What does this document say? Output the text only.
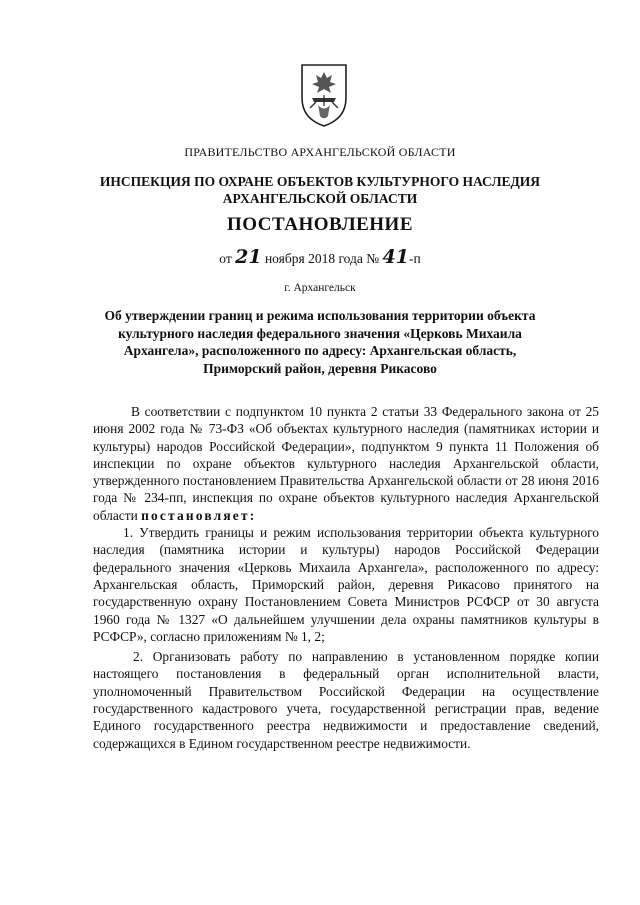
ПРАВИТЕЛЬСТВО АРХАНГЕЛЬСКОЙ ОБЛАСТИ
ИНСПЕКЦИЯ ПО ОХРАНЕ ОБЪЕКТОВ КУЛЬТУРНОГО НАСЛЕДИЯ
АРХАНГЕЛЬСКОЙ ОБЛАСТИ
ПОСТАНОВЛЕНИЕ
от 21 ноября 2018 года № 41-п
г. Архангельск
Об утверждении границ и режима использования территории объекта
культурного наследия федерального значения «Церковь Михаила
Архангела», расположенного по адресу: Архангельская область,
Приморский район, деревня Рикасово

В соответствии с подпунктом 10 пункта 2 статьи 33 Федерального закона от 25 июня 2002 года № 73-ФЗ «Об объектах культурного наследия (памятниках истории и культуры) народов Российской Федерации», подпунктом 9 пункта 11 Положения об инспекции по охране объектов культурного наследия Архангельской области, утвержденного постановлением Правительства Архангельской области от 28 июня 2016 года № 234-пп, инспекция по охране объектов культурного наследия Архангельской области постановляет:

1. Утвердить границы и режим использования территории объекта культурного наследия (памятника истории и культуры) народов Российской Федерации федерального значения «Церковь Михаила Архангела», расположенного по адресу: Архангельская область, Приморский район, деревня Рикасово принятого на государственную охрану Постановлением Совета Министров РСФСР от 30 августа 1960 года № 1327 «О дальнейшем улучшении дела охраны памятников культуры в РСФСР», согласно приложениям № 1, 2;

2. Организовать работу по направлению в установленном порядке копии настоящего постановления в федеральный орган исполнительной власти, уполномоченный Правительством Российской Федерации на осуществление государственного кадастрового учета, государственной регистрации прав, ведение Единого государственного реестра недвижимости и предоставление сведений, содержащихся в Едином государственном реестре недвижимости.
